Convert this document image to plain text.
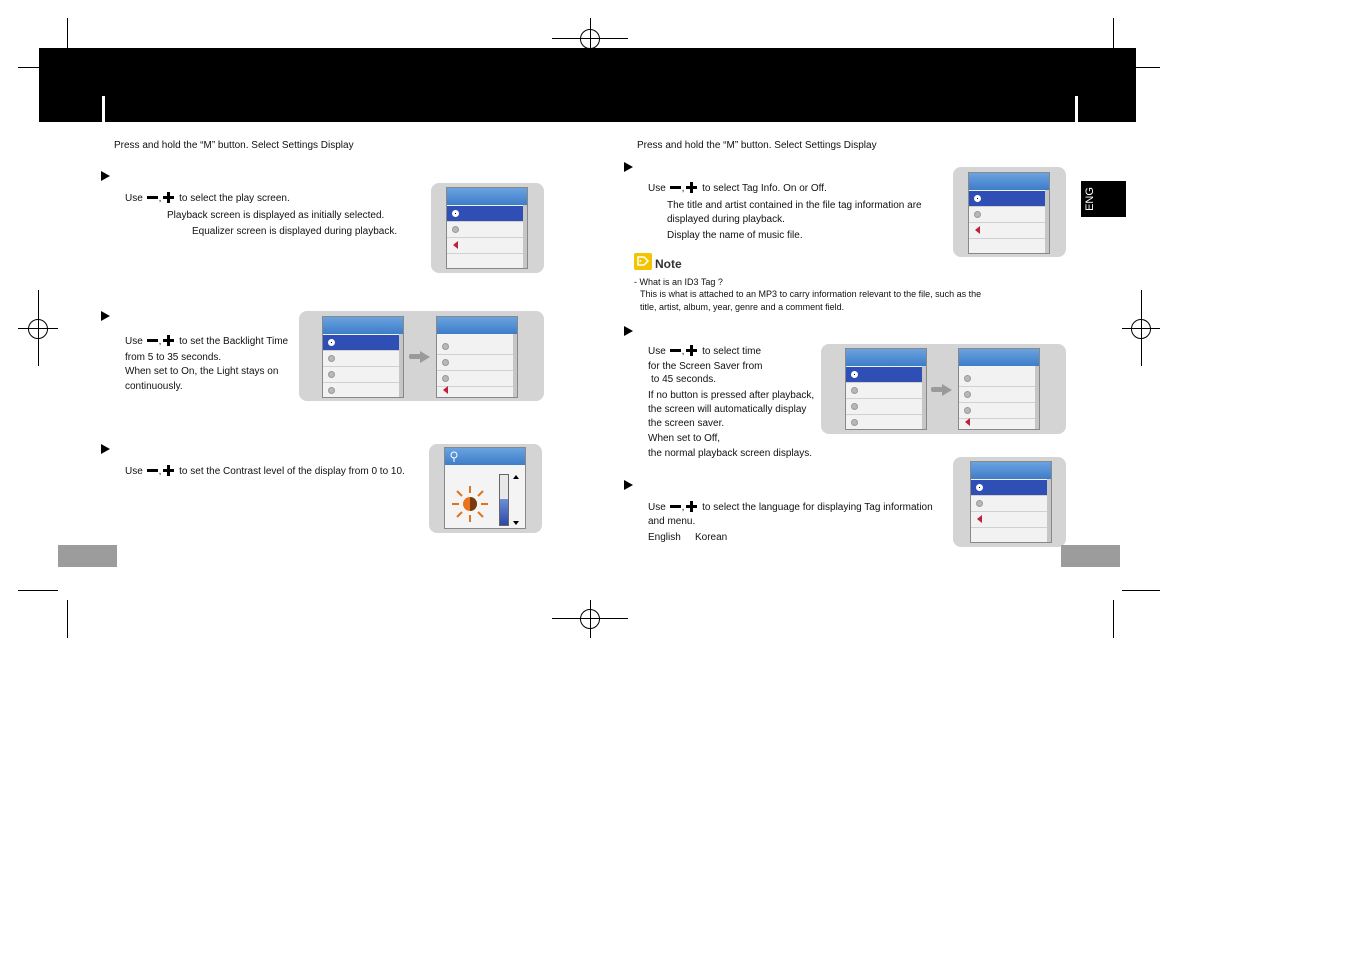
Press and hold the “M” button. Select Settings Display
Use , to select the play screen.
Playback screen is displayed as initially selected.
Equalizer screen is displayed during playback.
Use , to set the Backlight Time
from 5 to 35 seconds.
When set to On, the Light stays on
continuously.
Use , to set the Contrast level of the display from 0 to 10.
Press and hold the “M” button. Select Settings Display
ENG
Use , to select Tag Info. On or Off.
The title and artist contained in the file tag information are
displayed during playback.
Display the name of music file.
Note
- What is an ID3 Tag ?
This is what is attached to an MP3 to carry information relevant to the file, such as the
title, artist, album, year, genre and a comment field.
Use , to select time
for the Screen Saver from
to 45 seconds.
If no button is pressed after playback,
the screen will automatically display
the screen saver.
When set to Off,
the normal playback screen displays.
Use , to select the language for displaying Tag information
and menu.
English Korean
